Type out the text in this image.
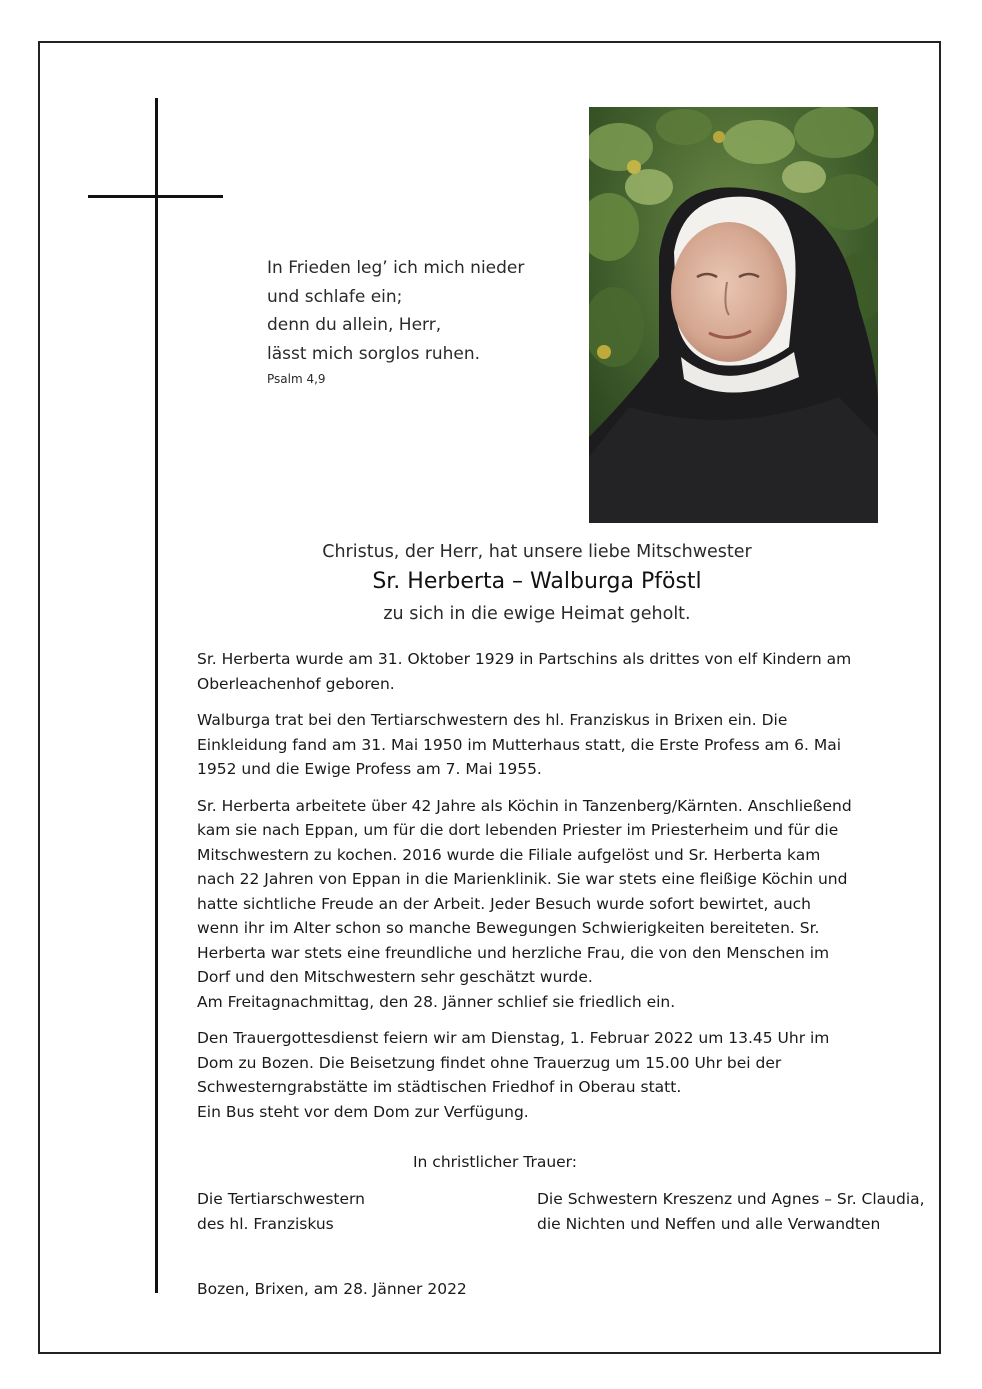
In Frieden leg’ ich mich nieder
und schlafe ein;
denn du allein, Herr,
lässt mich sorglos ruhen.
Psalm 4,9
Christus, der Herr, hat unsere liebe Mitschwester
Sr. Herberta – Walburga Pföstl
zu sich in die ewige Heimat geholt.
Sr. Herberta wurde am 31. Oktober 1929 in Partschins als drittes von elf Kindern am
Oberleachenhof geboren.
Walburga trat bei den Tertiarschwestern des hl. Franziskus in Brixen ein. Die
Einkleidung fand am 31. Mai 1950 im Mutterhaus statt, die Erste Profess am 6. Mai
1952 und die Ewige Profess am 7. Mai 1955.
Sr. Herberta arbeitete über 42 Jahre als Köchin in Tanzenberg/Kärnten. Anschließend
kam sie nach Eppan, um für die dort lebenden Priester im Priesterheim und für die
Mitschwestern zu kochen. 2016 wurde die Filiale aufgelöst und Sr. Herberta kam
nach 22 Jahren von Eppan in die Marienklinik. Sie war stets eine fleißige Köchin und
hatte sichtliche Freude an der Arbeit. Jeder Besuch wurde sofort bewirtet, auch
wenn ihr im Alter schon so manche Bewegungen Schwierigkeiten bereiteten. Sr.
Herberta war stets eine freundliche und herzliche Frau, die von den Menschen im
Dorf und den Mitschwestern sehr geschätzt wurde.
Am Freitagnachmittag, den 28. Jänner schlief sie friedlich ein.
Den Trauergottesdienst feiern wir am Dienstag, 1. Februar 2022 um 13.45 Uhr im
Dom zu Bozen. Die Beisetzung findet ohne Trauerzug um 15.00 Uhr bei der
Schwesterngrabstätte im städtischen Friedhof in Oberau statt.
Ein Bus steht vor dem Dom zur Verfügung.
In christlicher Trauer:
Die Tertiarschwestern
des hl. Franziskus
Die Schwestern Kreszenz und Agnes – Sr. Claudia,
die Nichten und Neffen und alle Verwandten
Bozen, Brixen, am 28. Jänner 2022
